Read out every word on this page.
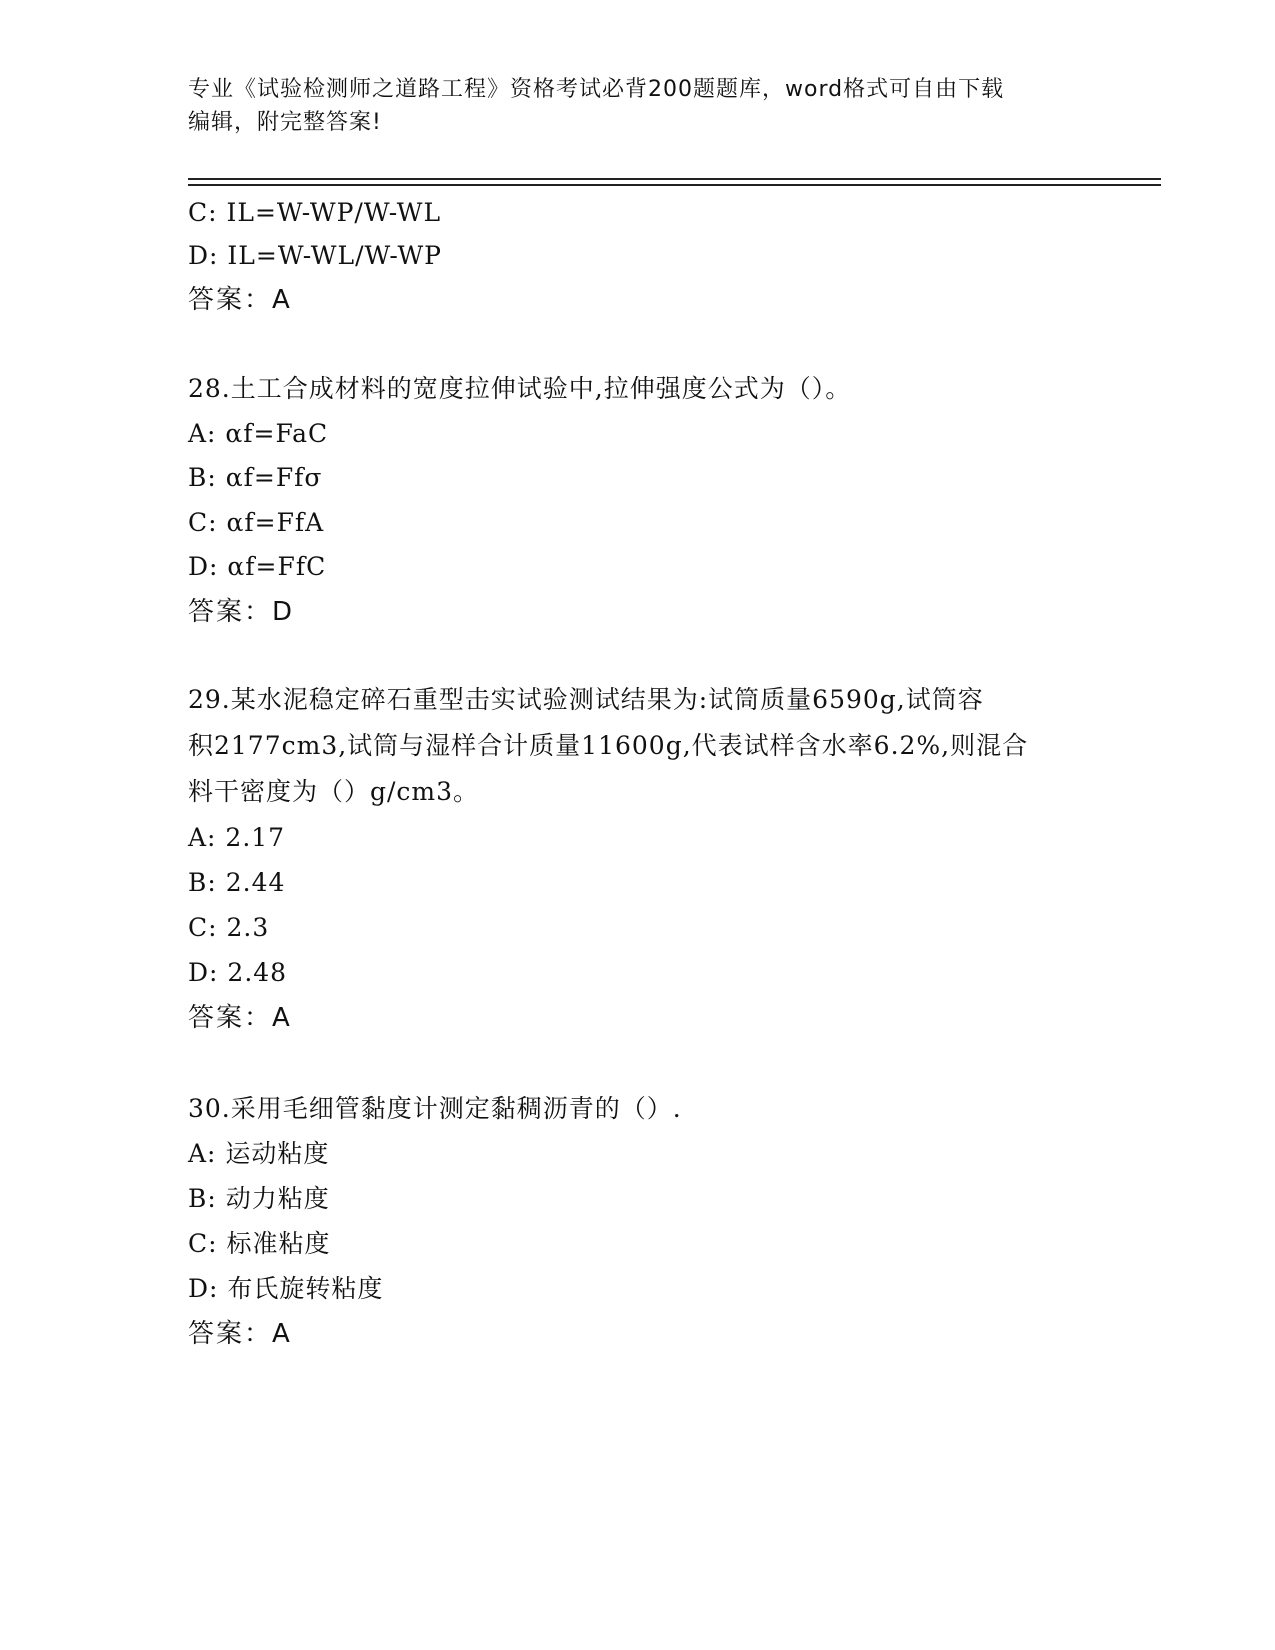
专业《试验检测师之道路工程》资格考试必背200题题库，word格式可自由下载
编辑，附完整答案!
C: IL=W-WP/W-WL
D: IL=W-WL/W-WP
答案：A
28.土工合成材料的宽度拉伸试验中,拉伸强度公式为（）。
A: αf=FaC
B: αf=Ffσ
C: αf=FfA
D: αf=FfC
答案：D
29.某水泥稳定碎石重型击实试验测试结果为:试筒质量6590g,试筒容
积2177cm3,试筒与湿样合计质量11600g,代表试样含水率6.2%,则混合
料干密度为（）g/cm3。
A: 2.17
B: 2.44
C: 2.3
D: 2.48
答案：A
30.采用毛细管黏度计测定黏稠沥青的（）.
A: 运动粘度
B: 动力粘度
C: 标准粘度
D: 布氏旋转粘度
答案：A
